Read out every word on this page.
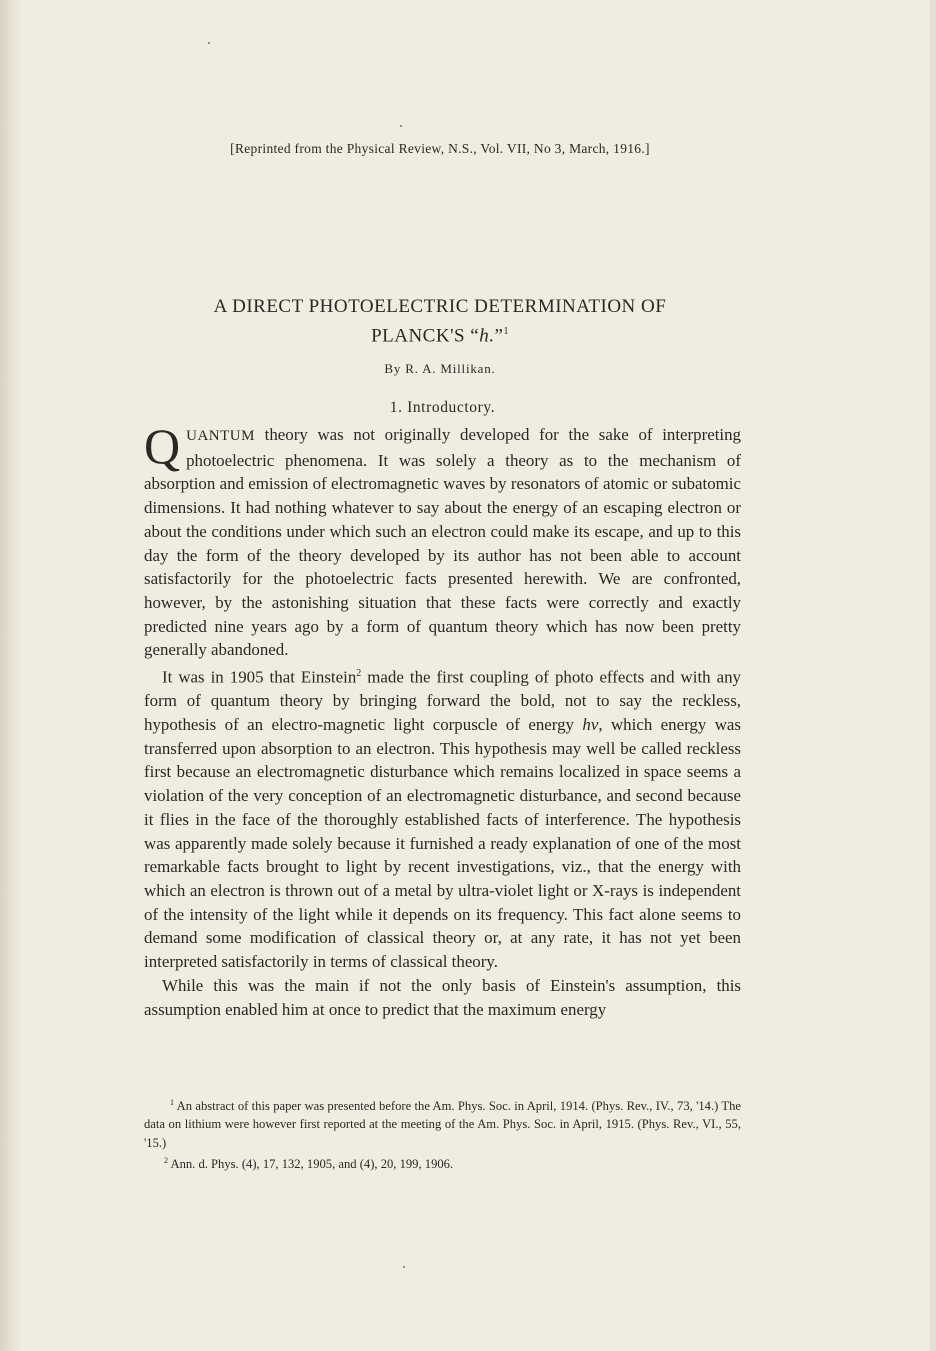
[Reprinted from the Physical Review, N.S., Vol. VII, No 3, March, 1916.]
A DIRECT PHOTOELECTRIC DETERMINATION OF
PLANCK'S “h.”$^1$
By R. A. Millikan.
1. Introductory.

QUANTUM theory was not originally developed for the sake of interpreting photoelectric phenomena. It was solely a theory as to the mechanism of absorption and emission of electromagnetic waves by resonators of atomic or subatomic dimensions. It had nothing whatever to say about the energy of an escaping electron or about the conditions under which such an electron could make its escape, and up to this day the form of the theory developed by its author has not been able to account satisfactorily for the photoelectric facts presented herewith. We are confronted, however, by the astonishing situation that these facts were correctly and exactly predicted nine years ago by a form of quantum theory which has now been pretty generally abandoned.

It was in 1905 that Einstein$^2$ made the first coupling of photo effects and with any form of quantum theory by bringing forward the bold, not to say the reckless, hypothesis of an electro-magnetic light corpuscle of energy hν, which energy was transferred upon absorption to an electron. This hypothesis may well be called reckless first because an electromagnetic disturbance which remains localized in space seems a violation of the very conception of an electromagnetic disturbance, and second because it flies in the face of the thoroughly established facts of interference. The hypothesis was apparently made solely because it furnished a ready explanation of one of the most remarkable facts brought to light by recent investigations, viz., that the energy with which an electron is thrown out of a metal by ultra-violet light or X-rays is independent of the intensity of the light while it depends on its frequency. This fact alone seems to demand some modification of classical theory or, at any rate, it has not yet been interpreted satisfactorily in terms of classical theory.

While this was the main if not the only basis of Einstein's assumption, this assumption enabled him at once to predict that the maximum energy

$^1$ An abstract of this paper was presented before the Am. Phys. Soc. in April, 1914. (Phys. Rev., IV., 73, '14.) The data on lithium were however first reported at the meeting of the Am. Phys. Soc. in April, 1915. (Phys. Rev., VI., 55, '15.)

$^2$ Ann. d. Phys. (4), 17, 132, 1905, and (4), 20, 199, 1906.
